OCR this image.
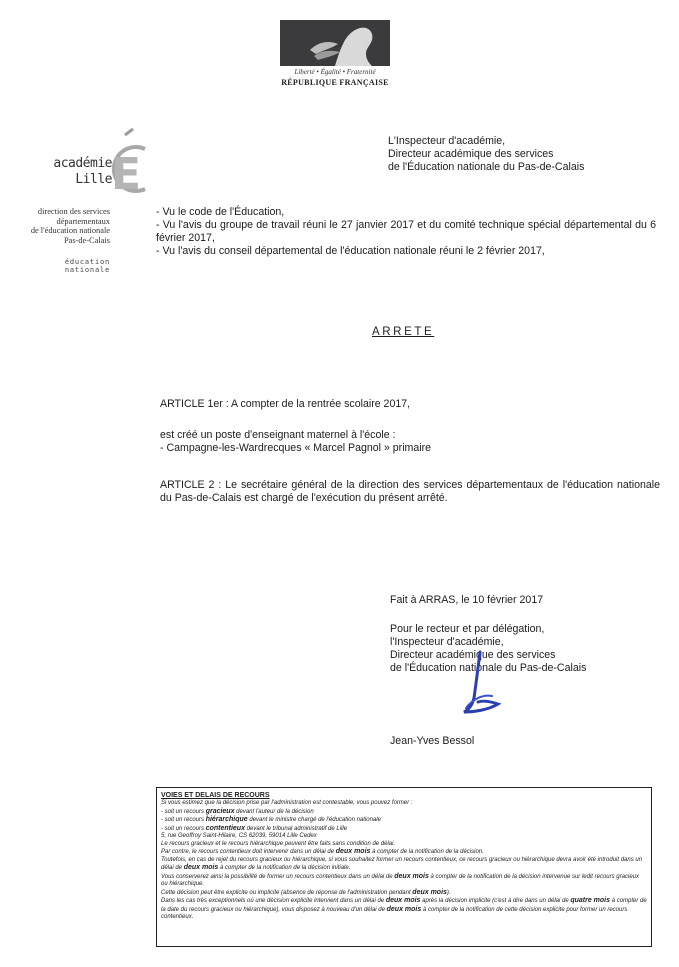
Liberté • Égalité • Fraternité
RÉPUBLIQUE FRANÇAISE
académie
Lille E
direction des services
départementaux
de l'éducation nationale
Pas-de-Calais
éducation
nationale
L'Inspecteur d'académie,
Directeur académique des services
de l'Éducation nationale du Pas-de-Calais
- Vu le code de l'Éducation,
- Vu l'avis du groupe de travail réuni le 27 janvier 2017 et du comité technique spécial départemental du 6 février 2017,
- Vu l'avis du conseil départemental de l'éducation nationale réuni le 2 février 2017,
ARRETE
ARTICLE 1er : A compter de la rentrée scolaire 2017,
est créé un poste d'enseignant maternel à l'école :
- Campagne-les-Wardrecques « Marcel Pagnol » primaire
ARTICLE 2 : Le secrétaire général de la direction des services départementaux de l'éducation nationale du Pas-de-Calais est chargé de l'exécution du présent arrêté.
Fait à ARRAS, le 10 février 2017
Pour le recteur et par délégation,
l'Inspecteur d'académie,
Directeur académique des services
de l'Éducation nationale du Pas-de-Calais
Jean-Yves Bessol
VOIES ET DELAIS DE RECOURS
Si vous estimez que la décision prise par l'administration est contestable, vous pouvez former :
- soit un recours gracieux devant l'auteur de la décision
- soit un recours hiérarchique devant le ministre chargé de l'éducation nationale
- soit un recours contentieux devant le tribunal administratif de Lille
5, rue Geoffroy Saint-Hilaire, CS 62039, 59014 Lille Cedex
Le recours gracieux et le recours hiérarchique peuvent être faits sans condition de délai.
Par contre, le recours contentieux doit intervenir dans un délai de deux mois à compter de la notification de la décision.
Toutefois, en cas de rejet du recours gracieux ou hiérarchique, si vous souhaitez former un recours contentieux, ce recours gracieux ou hiérarchique devra avoir été introduit dans un délai de deux mois à compter de la notification de la décision initiale.
Vous conserverez ainsi la possibilité de former un recours contentieux dans un délai de deux mois à compter de la notification de la décision intervenue sur ledit recours gracieux ou hiérarchique.
Cette décision peut être explicite ou implicite (absence de réponse de l'administration pendant deux mois).
Dans les cas très exceptionnels où une décision explicite intervient dans un délai de deux mois après la décision implicite (c'est à dire dans un délai de quatre mois à compter de la date du recours gracieux ou hiérarchique), vous disposez à nouveau d'un délai de deux mois à compter de la notification de cette décision explicite pour former un recours contentieux.
